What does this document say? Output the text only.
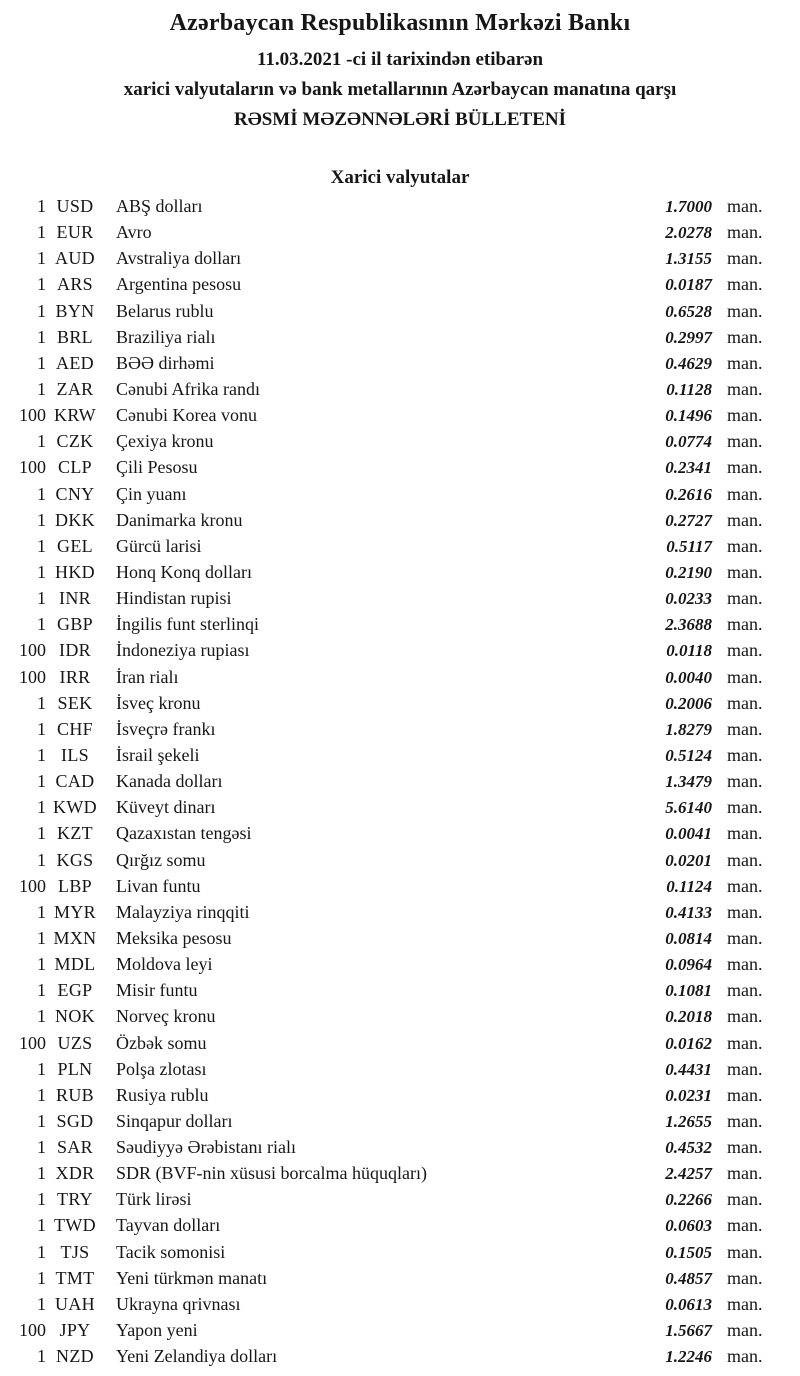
Azərbaycan Respublikasının Mərkəzi Bankı
11.03.2021 -ci il tarixindən etibarən
xarici valyutaların və bank metallarının Azərbaycan manatına qarşı
RƏSMİ MƏZƏNNƏLƏRİ BÜLLETENİ
Xarici valyutalar
1 USD	ABŞ dolları	1.7000 man.
1 EUR	Avro	2.0278 man.
1 AUD	Avstraliya dolları	1.3155 man.
1 ARS	Argentina pesosu	0.0187 man.
1 BYN	Belarus rublu	0.6528 man.
1 BRL	Braziliya rialı	0.2997 man.
1 AED	BƏƏ dirhəmi	0.4629 man.
1 ZAR	Cənubi Afrika randı	0.1128 man.
100 KRW	Cənubi Korea vonu	0.1496 man.
1 CZK	Çexiya kronu	0.0774 man.
100 CLP	Çili Pesosu	0.2341 man.
1 CNY	Çin yuanı	0.2616 man.
1 DKK	Danimarka kronu	0.2727 man.
1 GEL	Gürcü larisi	0.5117 man.
1 HKD	Honq Konq dolları	0.2190 man.
1 INR	Hindistan rupisi	0.0233 man.
1 GBP	İngilis funt sterlinqi	2.3688 man.
100 IDR	İndoneziya rupiası	0.0118 man.
100 IRR	İran rialı	0.0040 man.
1 SEK	İsveç kronu	0.2006 man.
1 CHF	İsveçrə frankı	1.8279 man.
1 ILS	İsrail şekeli	0.5124 man.
1 CAD	Kanada dolları	1.3479 man.
1 KWD	Küveyt dinarı	5.6140 man.
1 KZT	Qazaxıstan tengəsi	0.0041 man.
1 KGS	Qırğız somu	0.0201 man.
100 LBP	Livan funtu	0.1124 man.
1 MYR	Malayziya rinqqiti	0.4133 man.
1 MXN	Meksika pesosu	0.0814 man.
1 MDL	Moldova leyi	0.0964 man.
1 EGP	Misir funtu	0.1081 man.
1 NOK	Norveç kronu	0.2018 man.
100 UZS	Özbək somu	0.0162 man.
1 PLN	Polşa zlotası	0.4431 man.
1 RUB	Rusiya rublu	0.0231 man.
1 SGD	Sinqapur dolları	1.2655 man.
1 SAR	Səudiyyə Ərəbistanı rialı	0.4532 man.
1 XDR	SDR (BVF-nin xüsusi borcalma hüquqları)	2.4257 man.
1 TRY	Türk lirəsi	0.2266 man.
1 TWD	Tayvan dolları	0.0603 man.
1 TJS	Tacik somonisi	0.1505 man.
1 TMT	Yeni türkmən manatı	0.4857 man.
1 UAH	Ukrayna qrivnası	0.0613 man.
100 JPY	Yapon yeni	1.5667 man.
1 NZD	Yeni Zelandiya dolları	1.2246 man.
